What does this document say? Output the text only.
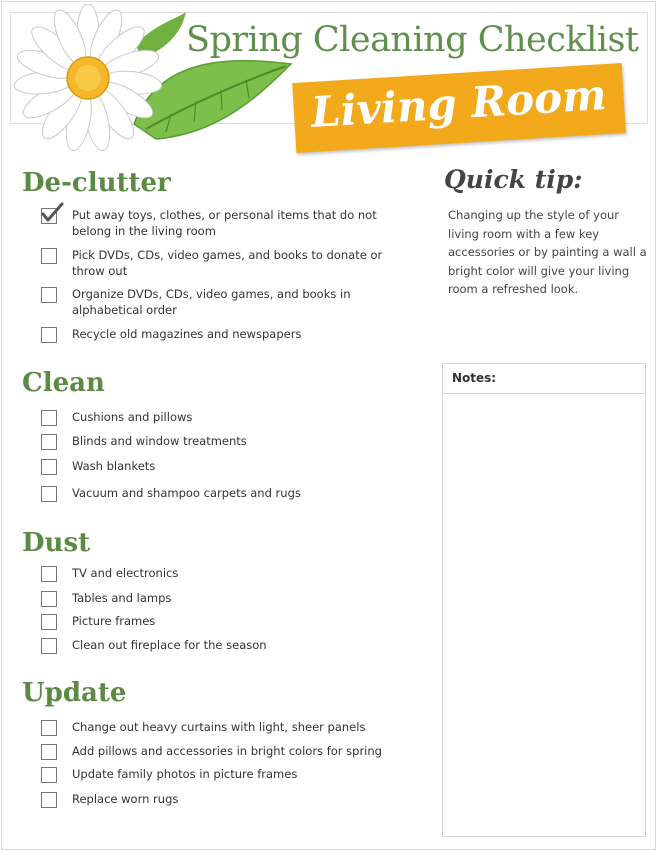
Spring Cleaning Checklist
Living Room
De-clutter
Put away toys, clothes, or personal items that do not belong in the living room
Pick DVDs, CDs, video games, and books to donate or throw out
Organize DVDs, CDs, video games, and books in alphabetical order
Recycle old magazines and newspapers
Clean
Cushions and pillows
Blinds and window treatments
Wash blankets
Vacuum and shampoo carpets and rugs
Dust
TV and electronics
Tables and lamps
Picture frames
Clean out fireplace for the season
Update
Change out heavy curtains with light, sheer panels
Add pillows and accessories in bright colors for spring
Update family photos in picture frames
Replace worn rugs
Quick tip:
Changing up the style of your living room with a few key accessories or by painting a wall a bright color will give your living room a refreshed look.
Notes:
